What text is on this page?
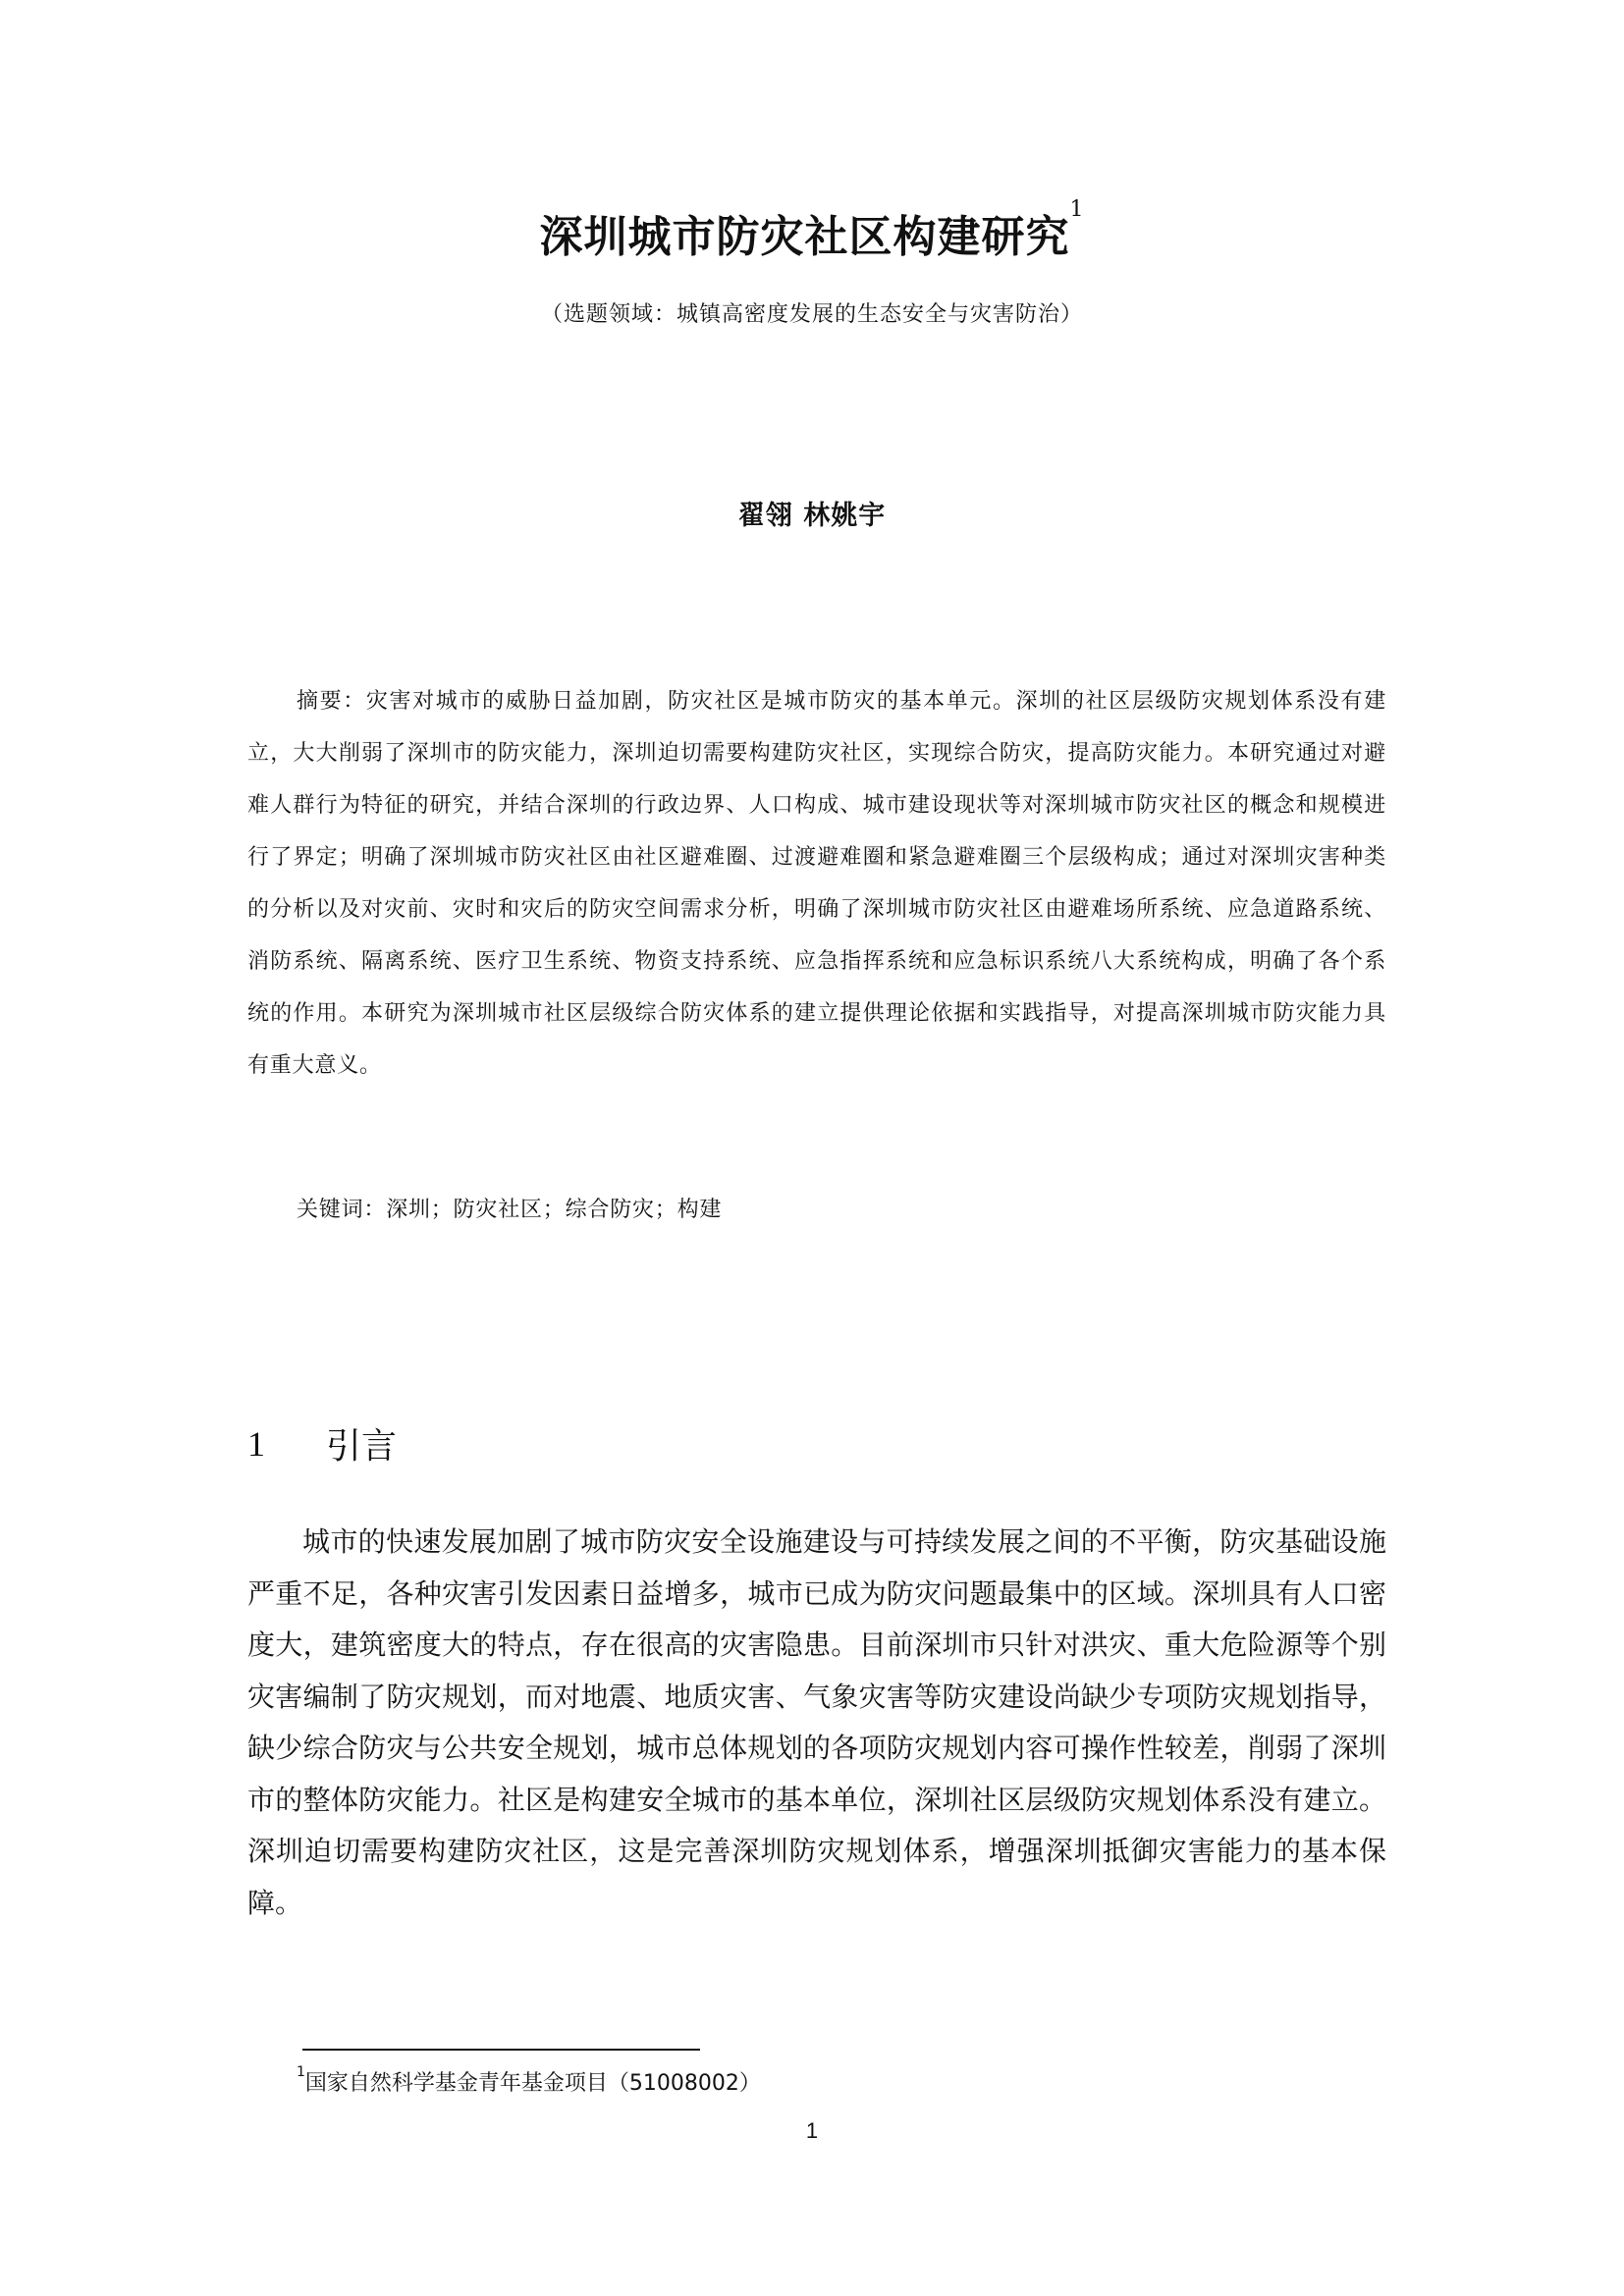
深圳城市防灾社区构建研究$^1$
（选题领域：城镇高密度发展的生态安全与灾害防治）
翟翎 林姚宇

摘要：灾害对城市的威胁日益加剧，防灾社区是城市防灾的基本单元。深圳的社区层级防灾规划体系没有建立，大大削弱了深圳市的防灾能力，深圳迫切需要构建防灾社区，实现综合防灾，提高防灾能力。本研究通过对避难人群行为特征的研究，并结合深圳的行政边界、人口构成、城市建设现状等对深圳城市防灾社区的概念和规模进行了界定；明确了深圳城市防灾社区由社区避难圈、过渡避难圈和紧急避难圈三个层级构成；通过对深圳灾害种类的分析以及对灾前、灾时和灾后的防灾空间需求分析，明确了深圳城市防灾社区由避难场所系统、应急道路系统、消防系统、隔离系统、医疗卫生系统、物资支持系统、应急指挥系统和应急标识系统八大系统构成，明确了各个系统的作用。本研究为深圳城市社区层级综合防灾体系的建立提供理论依据和实践指导，对提高深圳城市防灾能力具有重大意义。

关键词：深圳；防灾社区；综合防灾；构建
1	引言

城市的快速发展加剧了城市防灾安全设施建设与可持续发展之间的不平衡，防灾基础设施严重不足，各种灾害引发因素日益增多，城市已成为防灾问题最集中的区域。深圳具有人口密度大，建筑密度大的特点，存在很高的灾害隐患。目前深圳市只针对洪灾、重大危险源等个别灾害编制了防灾规划，而对地震、地质灾害、气象灾害等防灾建设尚缺少专项防灾规划指导，缺少综合防灾与公共安全规划，城市总体规划的各项防灾规划内容可操作性较差，削弱了深圳市的整体防灾能力。社区是构建安全城市的基本单位，深圳社区层级防灾规划体系没有建立。深圳迫切需要构建防灾社区，这是完善深圳防灾规划体系，增强深圳抵御灾害能力的基本保障。

$^1$国家自然科学基金青年基金项目（51008002）
1
